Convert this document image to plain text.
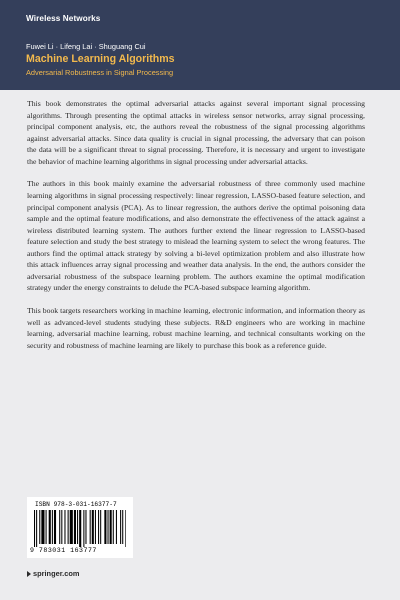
Wireless Networks
Fuwei Li · Lifeng Lai · Shuguang Cui
Machine Learning Algorithms
Adversarial Robustness in Signal Processing

This book demonstrates the optimal adversarial attacks against several important signal processing algorithms. Through presenting the optimal attacks in wireless sensor networks, array signal processing, principal component analysis, etc, the authors reveal the robustness of the signal processing algorithms against adversarial attacks. Since data quality is crucial in signal processing, the adversary that can poison the data will be a significant threat to signal processing. Therefore, it is necessary and urgent to investigate the behavior of machine learning algorithms in signal processing under adversarial attacks.

The authors in this book mainly examine the adversarial robustness of three commonly used machine learning algorithms in signal processing respectively: linear regression, LASSO-based feature selection, and principal component analysis (PCA). As to linear regression, the authors derive the optimal poisoning data sample and the optimal feature modifications, and also demonstrate the effectiveness of the attack against a wireless distributed learning system. The authors further extend the linear regression to LASSO-based feature selection and study the best strategy to mislead the learning system to select the wrong features. The authors find the optimal attack strategy by solving a bi-level optimization problem and also illustrate how this attack influences array signal processing and weather data analysis. In the end, the authors consider the adversarial robustness of the subspace learning problem. The authors examine the optimal modification strategy under the energy constraints to delude the PCA-based subspace learning algorithm.

This book targets researchers working in machine learning, electronic information, and information theory as well as advanced-level students studying these subjects. R&D engineers who are working in machine learning, adversarial machine learning, robust machine learning, and technical consultants working on the security and robustness of machine learning are likely to purchase this book as a reference guide.

ISBN 978-3-031-16377-7
9 783031 163777
springer.com
